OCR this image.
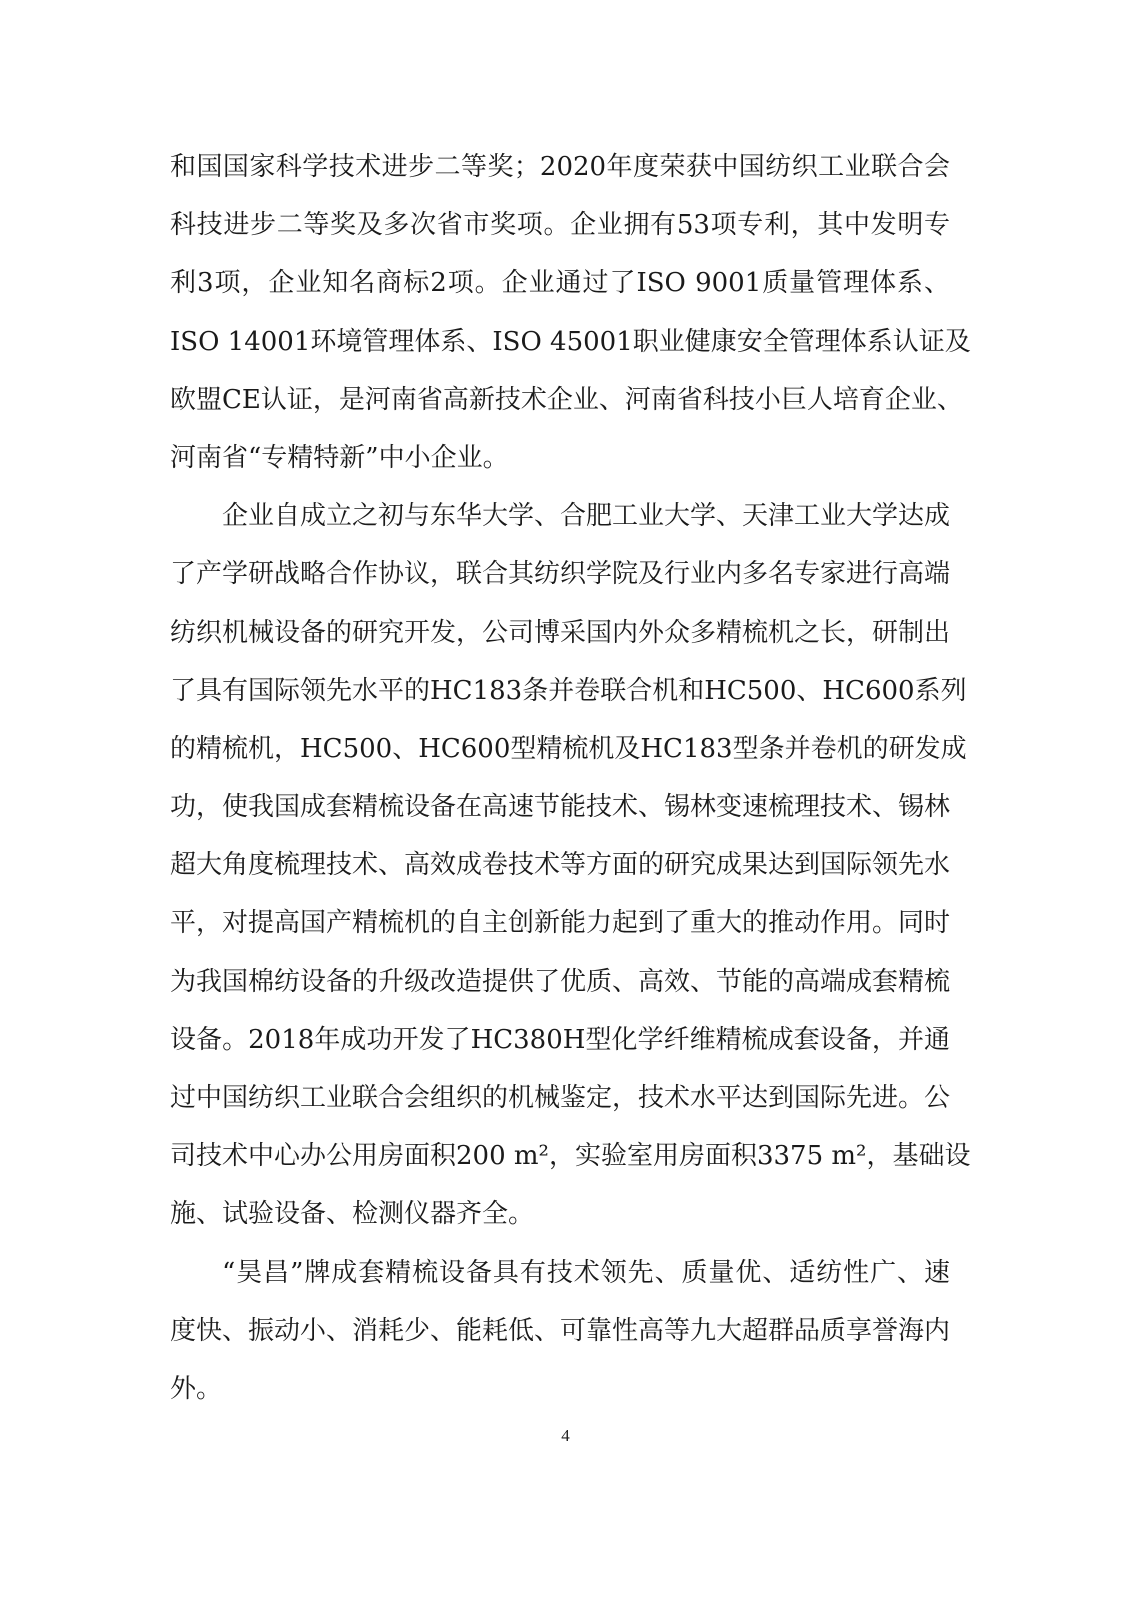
和国国家科学技术进步二等奖；2020年度荣获中国纺织工业联合会
科技进步二等奖及多次省市奖项。企业拥有53项专利，其中发明专
利3项，企业知名商标2项。企业通过了ISO 9001质量管理体系、
ISO 14001环境管理体系、ISO 45001职业健康安全管理体系认证及
欧盟CE认证，是河南省高新技术企业、河南省科技小巨人培育企业、
河南省“专精特新”中小企业。
企业自成立之初与东华大学、合肥工业大学、天津工业大学达成
了产学研战略合作协议，联合其纺织学院及行业内多名专家进行高端
纺织机械设备的研究开发，公司博采国内外众多精梳机之长，研制出
了具有国际领先水平的HC183条并卷联合机和HC500、HC600系列
的精梳机，HC500、HC600型精梳机及HC183型条并卷机的研发成
功，使我国成套精梳设备在高速节能技术、锡林变速梳理技术、锡林
超大角度梳理技术、高效成卷技术等方面的研究成果达到国际领先水
平，对提高国产精梳机的自主创新能力起到了重大的推动作用。同时
为我国棉纺设备的升级改造提供了优质、高效、节能的高端成套精梳
设备。2018年成功开发了HC380H型化学纤维精梳成套设备，并通
过中国纺织工业联合会组织的机械鉴定，技术水平达到国际先进。公
司技术中心办公用房面积200 m²，实验室用房面积3375 m²，基础设
施、试验设备、检测仪器齐全。
“昊昌”牌成套精梳设备具有技术领先、质量优、适纺性广、速
度快、振动小、消耗少、能耗低、可靠性高等九大超群品质享誉海内
外。
4
